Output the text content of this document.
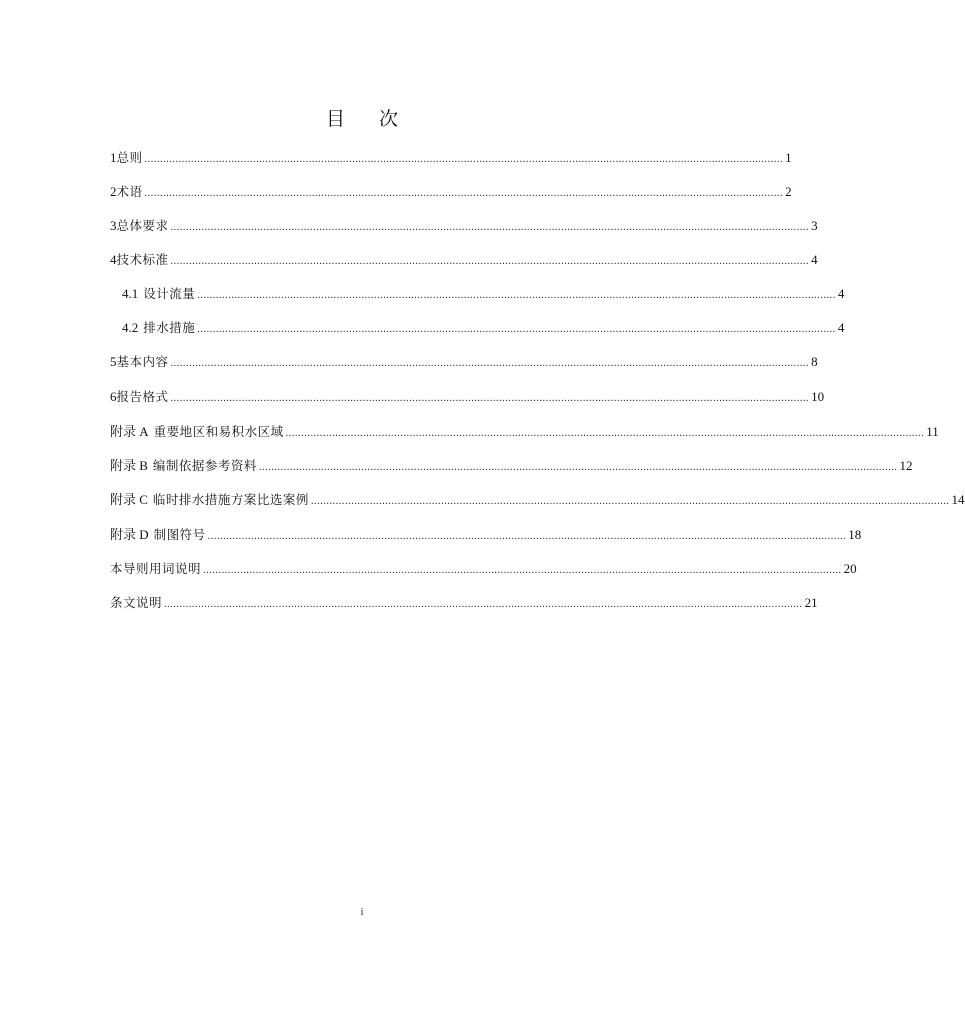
目 次
1 总则 .............................................................................................................................................................................................................. 1
2 术语 .............................................................................................................................................................................................................. 2
3 总体要求 .............................................................................................................................................................................................................. 3
4 技术标准 .............................................................................................................................................................................................................. 4
4.1 设计流量 .............................................................................................................................................................................................................. 4
4.2 排水措施 .............................................................................................................................................................................................................. 4
5 基本内容 .............................................................................................................................................................................................................. 8
6 报告格式 .............................................................................................................................................................................................................. 10
附录 A 重要地区和易积水区域 .............................................................................................................................................................................................................. 11
附录 B 编制依据参考资料 .............................................................................................................................................................................................................. 12
附录 C 临时排水措施方案比选案例 .............................................................................................................................................................................................................. 14
附录 D 制图符号 .............................................................................................................................................................................................................. 18
本导则用词说明 .............................................................................................................................................................................................................. 20
条文说明 .............................................................................................................................................................................................................. 21
i
